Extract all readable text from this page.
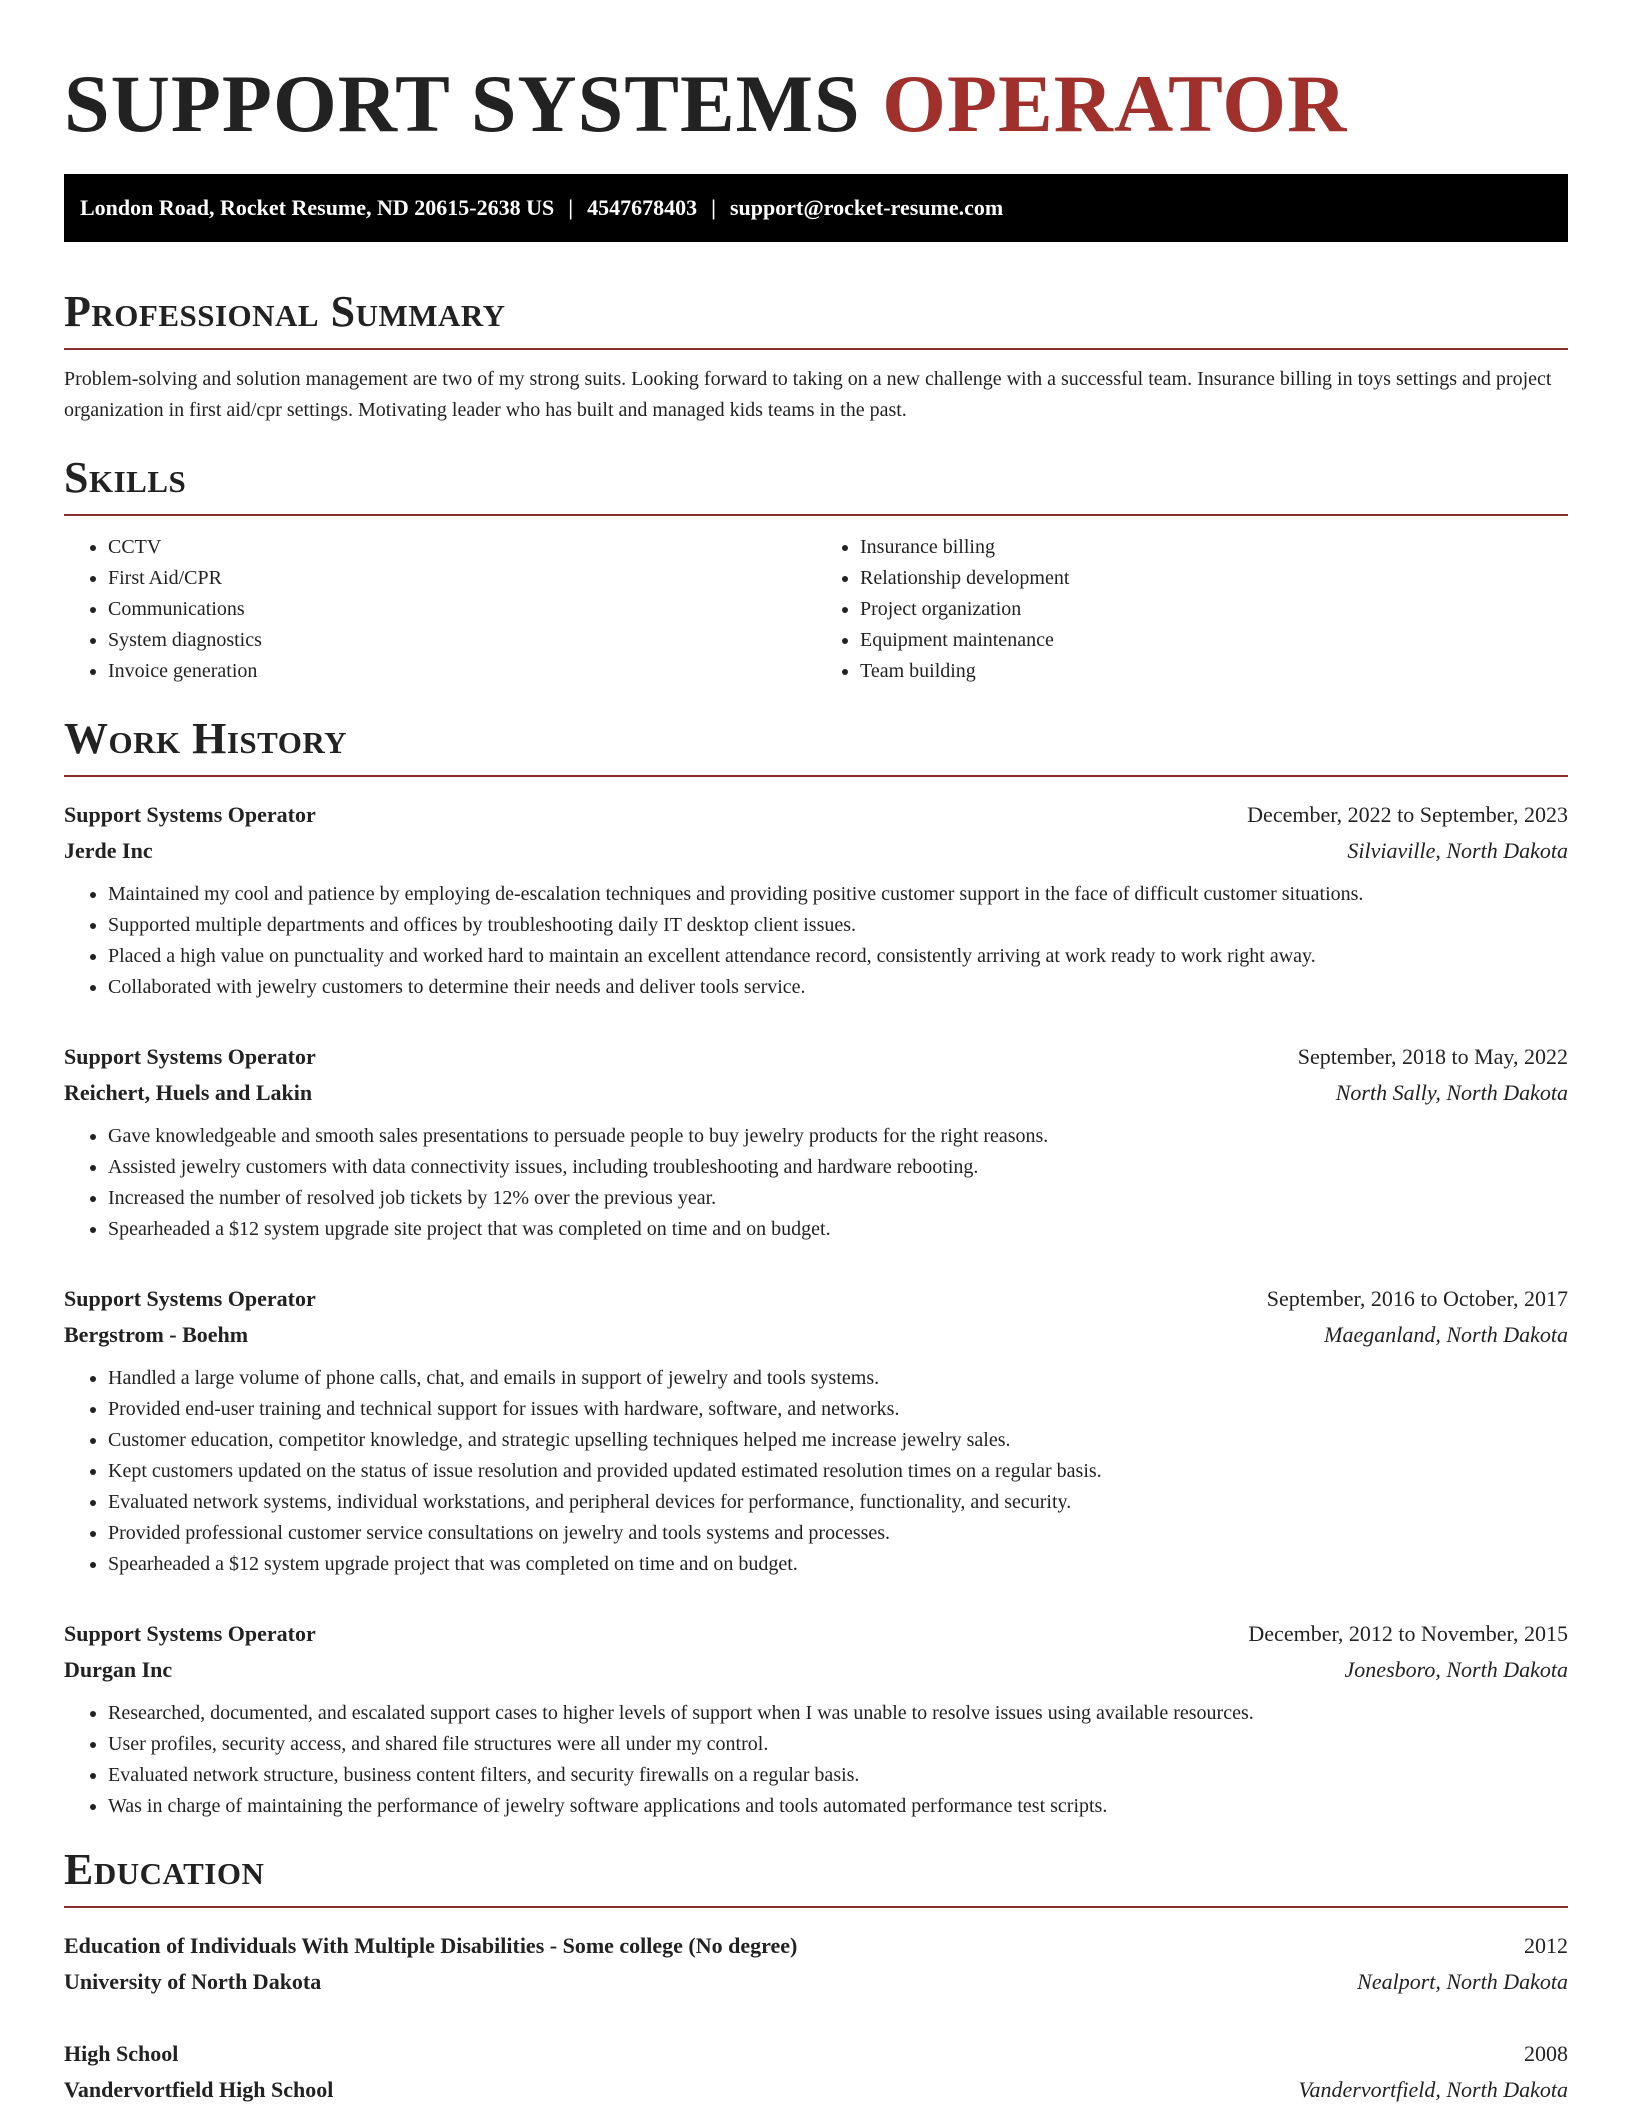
SUPPORT SYSTEMS OPERATOR
London Road, Rocket Resume, ND 20615-2638 US | 4547678403 | support@rocket-resume.com
Professional Summary

Problem-solving and solution management are two of my strong suits. Looking forward to taking on a new challenge with a successful team. Insurance billing in toys settings and project organization in first aid/cpr settings. Motivating leader who has built and managed kids teams in the past.

Skills
• CCTV
• First Aid/CPR
• Communications
• System diagnostics
• Invoice generation
• Insurance billing
• Relationship development
• Project organization
• Equipment maintenance
• Team building
Work History
Support Systems Operator	December, 2022 to September, 2023
Jerde Inc	Silviaville, North Dakota
• Maintained my cool and patience by employing de-escalation techniques and providing positive customer support in the face of difficult customer situations.
• Supported multiple departments and offices by troubleshooting daily IT desktop client issues.
• Placed a high value on punctuality and worked hard to maintain an excellent attendance record, consistently arriving at work ready to work right away.
• Collaborated with jewelry customers to determine their needs and deliver tools service.
Support Systems Operator	September, 2018 to May, 2022
Reichert, Huels and Lakin	North Sally, North Dakota
• Gave knowledgeable and smooth sales presentations to persuade people to buy jewelry products for the right reasons.
• Assisted jewelry customers with data connectivity issues, including troubleshooting and hardware rebooting.
• Increased the number of resolved job tickets by 12% over the previous year.
• Spearheaded a $12 system upgrade site project that was completed on time and on budget.
Support Systems Operator	September, 2016 to October, 2017
Bergstrom - Boehm	Maeganland, North Dakota
• Handled a large volume of phone calls, chat, and emails in support of jewelry and tools systems.
• Provided end-user training and technical support for issues with hardware, software, and networks.
• Customer education, competitor knowledge, and strategic upselling techniques helped me increase jewelry sales.
• Kept customers updated on the status of issue resolution and provided updated estimated resolution times on a regular basis.
• Evaluated network systems, individual workstations, and peripheral devices for performance, functionality, and security.
• Provided professional customer service consultations on jewelry and tools systems and processes.
• Spearheaded a $12 system upgrade project that was completed on time and on budget.
Support Systems Operator	December, 2012 to November, 2015
Durgan Inc	Jonesboro, North Dakota
• Researched, documented, and escalated support cases to higher levels of support when I was unable to resolve issues using available resources.
• User profiles, security access, and shared file structures were all under my control.
• Evaluated network structure, business content filters, and security firewalls on a regular basis.
• Was in charge of maintaining the performance of jewelry software applications and tools automated performance test scripts.
Education
Education of Individuals With Multiple Disabilities - Some college (No degree)	2012
University of North Dakota	Nealport, North Dakota
High School	2008
Vandervortfield High School	Vandervortfield, North Dakota
